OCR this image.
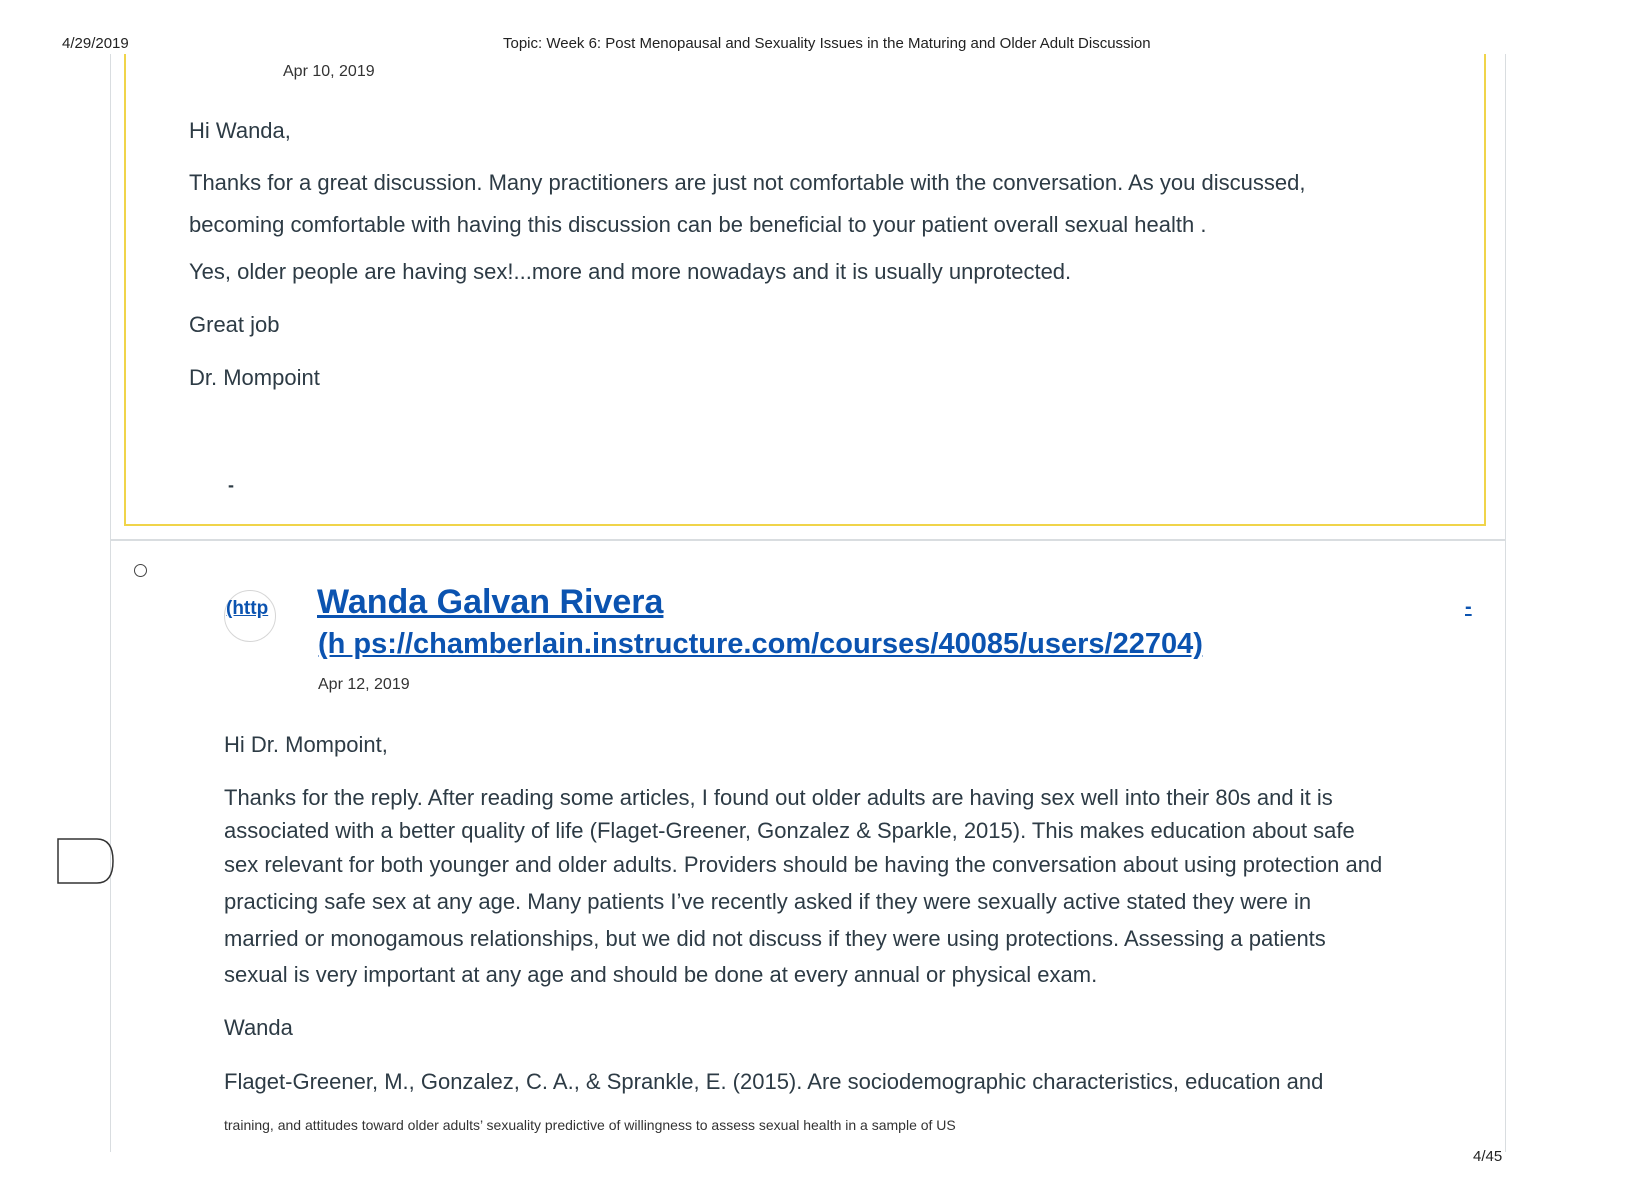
4/29/2019	Topic: Week 6: Post Menopausal and Sexuality Issues in the Maturing and Older Adult Discussion
Apr 10, 2019
Hi Wanda,
Thanks for a great discussion. Many practitioners are just not comfortable with the conversation. As you discussed,
becoming comfortable with having this discussion can be beneficial to your patient overall sexual health .
Yes, older people are having sex!...more and more nowadays and it is usually unprotected.
Great job
Dr. Mompoint
-
(http Wanda Galvan Rivera
(h ps://chamberlain.instructure.com/courses/40085/users/22704)
-
Apr 12, 2019
Hi Dr. Mompoint,
Thanks for the reply. After reading some articles, I found out older adults are having sex well into their 80s and it is
associated with a better quality of life (Flaget-Greener, Gonzalez & Sparkle, 2015). This makes education about safe
sex relevant for both younger and older adults. Providers should be having the conversation about using protection and
practicing safe sex at any age. Many patients I’ve recently asked if they were sexually active stated they were in
married or monogamous relationships, but we did not discuss if they were using protections. Assessing a patients
sexual is very important at any age and should be done at every annual or physical exam.
Wanda
Flaget-Greener, M., Gonzalez, C. A., & Sprankle, E. (2015). Are sociodemographic characteristics, education and
training, and attitudes toward older adults’ sexuality predictive of willingness to assess sexual health in a sample of US
4/45
